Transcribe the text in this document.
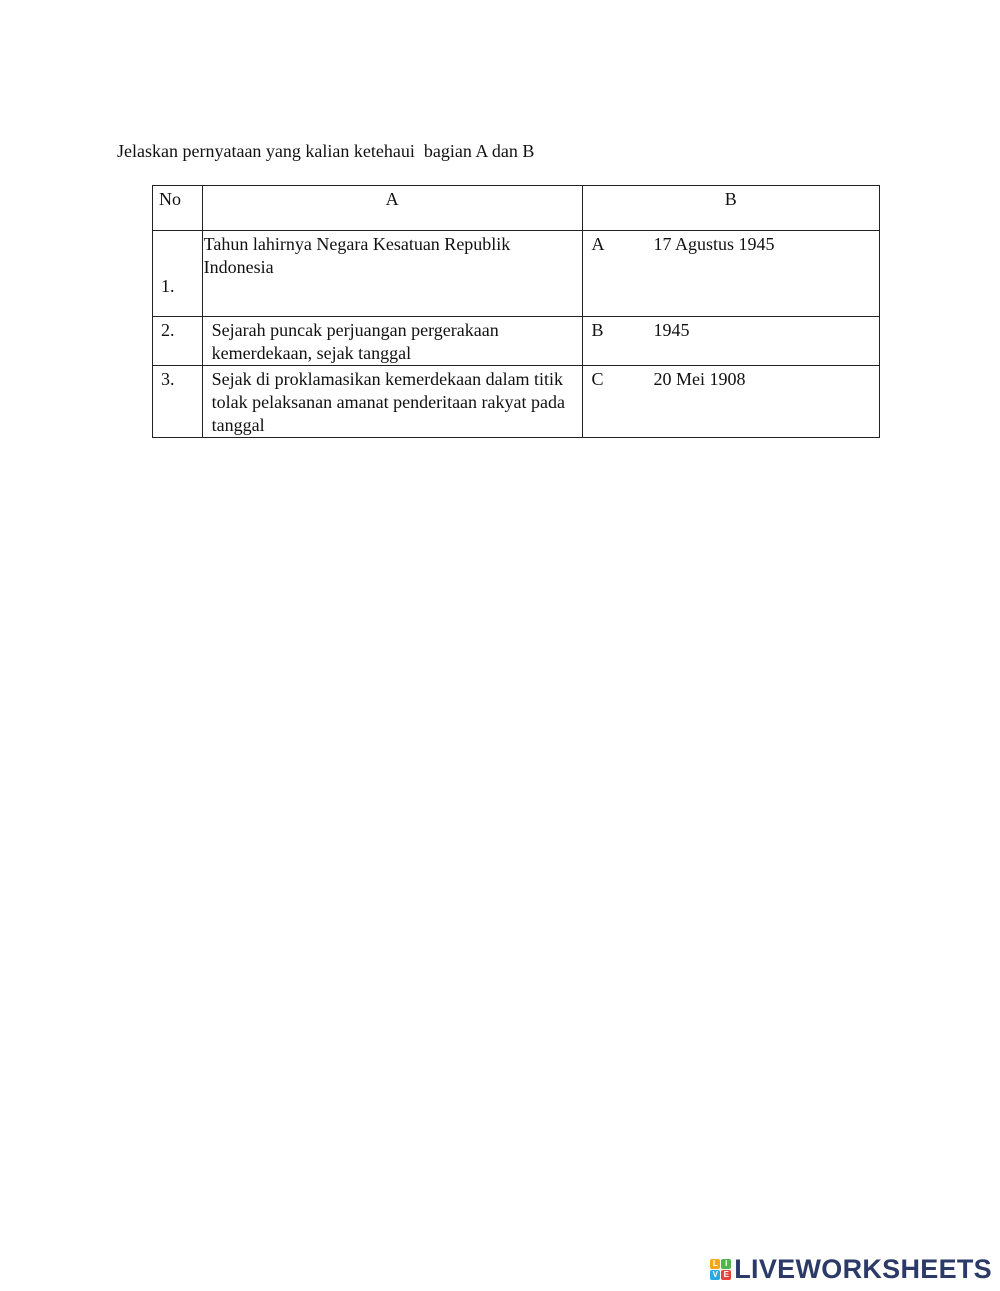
Jelaskan pernyataan yang kalian ketehaui  bagian A dan B
No	A	B
1.	Tahun lahirnya Negara Kesatuan Republik Indonesia	A 17 Agustus 1945
2.	Sejarah puncak perjuangan pergerakaan kemerdekaan, sejak tanggal	B 1945
3.	Sejak di proklamasikan kemerdekaan dalam titik tolak pelaksanan amanat penderitaan rakyat pada tanggal	C 20 Mei 1908
L I
V E LIVEWORKSHEETS
